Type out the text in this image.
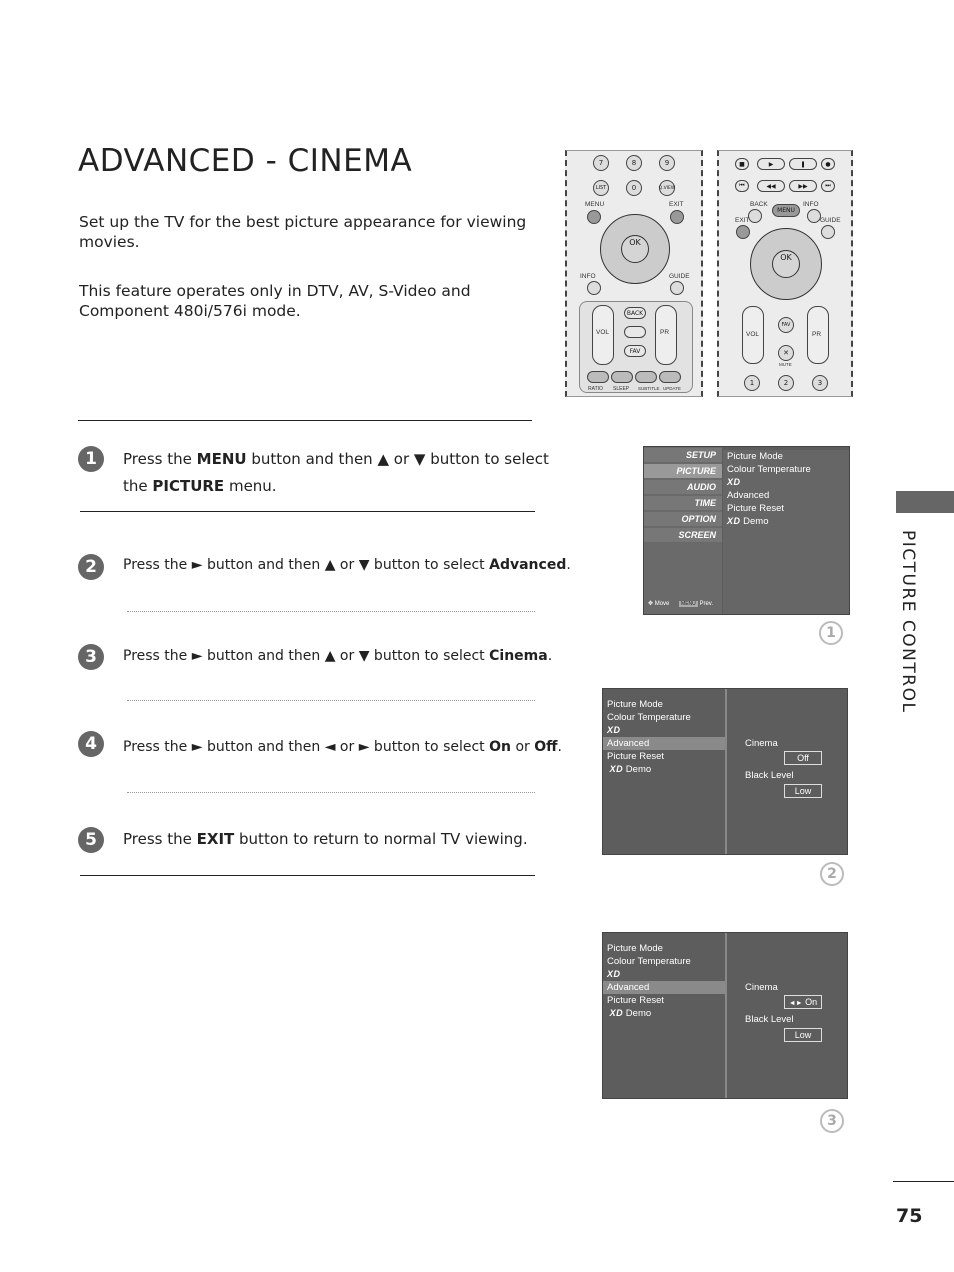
ADVANCED - CINEMA
Set up the TV for the best picture appearance for viewing
movies.
This feature operates only in DTV, AV, S-Video and
Component 480i/576i mode.
1	Press the MENU button and then ▲ or ▼ button to select
the PICTURE menu.
2	Press the ► button and then ▲ or ▼ button to select Advanced.
3	Press the ► button and then ▲ or ▼ button to select Cinema.
4	Press the ► button and then ◄ or ► button to select On or Off.
5	Press the EXIT button to return to normal TV viewing.
7	8	9
LIST	0	Q.VIEW
MENU	EXIT
OK
INFO	GUIDE
VOL	PR
BACK
FAV
RATIO SLEEP SUBTITLE UPDATE
■	▶	❚	●
⏮	◀◀	▶▶	⏭
BACK	INFO
MENU
EXIT	GUIDE
OK
VOL	PR
FAV
✕
MUTE
1	2	3
PICTURE CONTROL
SETUP
PICTURE
AUDIO
TIME
OPTION
SCREEN
✥ Move MENU Prev.
Picture Mode
Colour Temperature
XD
Advanced
Picture Reset
XD Demo
1
Picture Mode
Colour Temperature
XD
Advanced
Picture Reset
XD Demo
Cinema
Off
Black Level
Low
2
Picture Mode
Colour Temperature
XD
Advanced
Picture Reset
XD Demo
Cinema
◄► On
Black Level
Low
3
75
